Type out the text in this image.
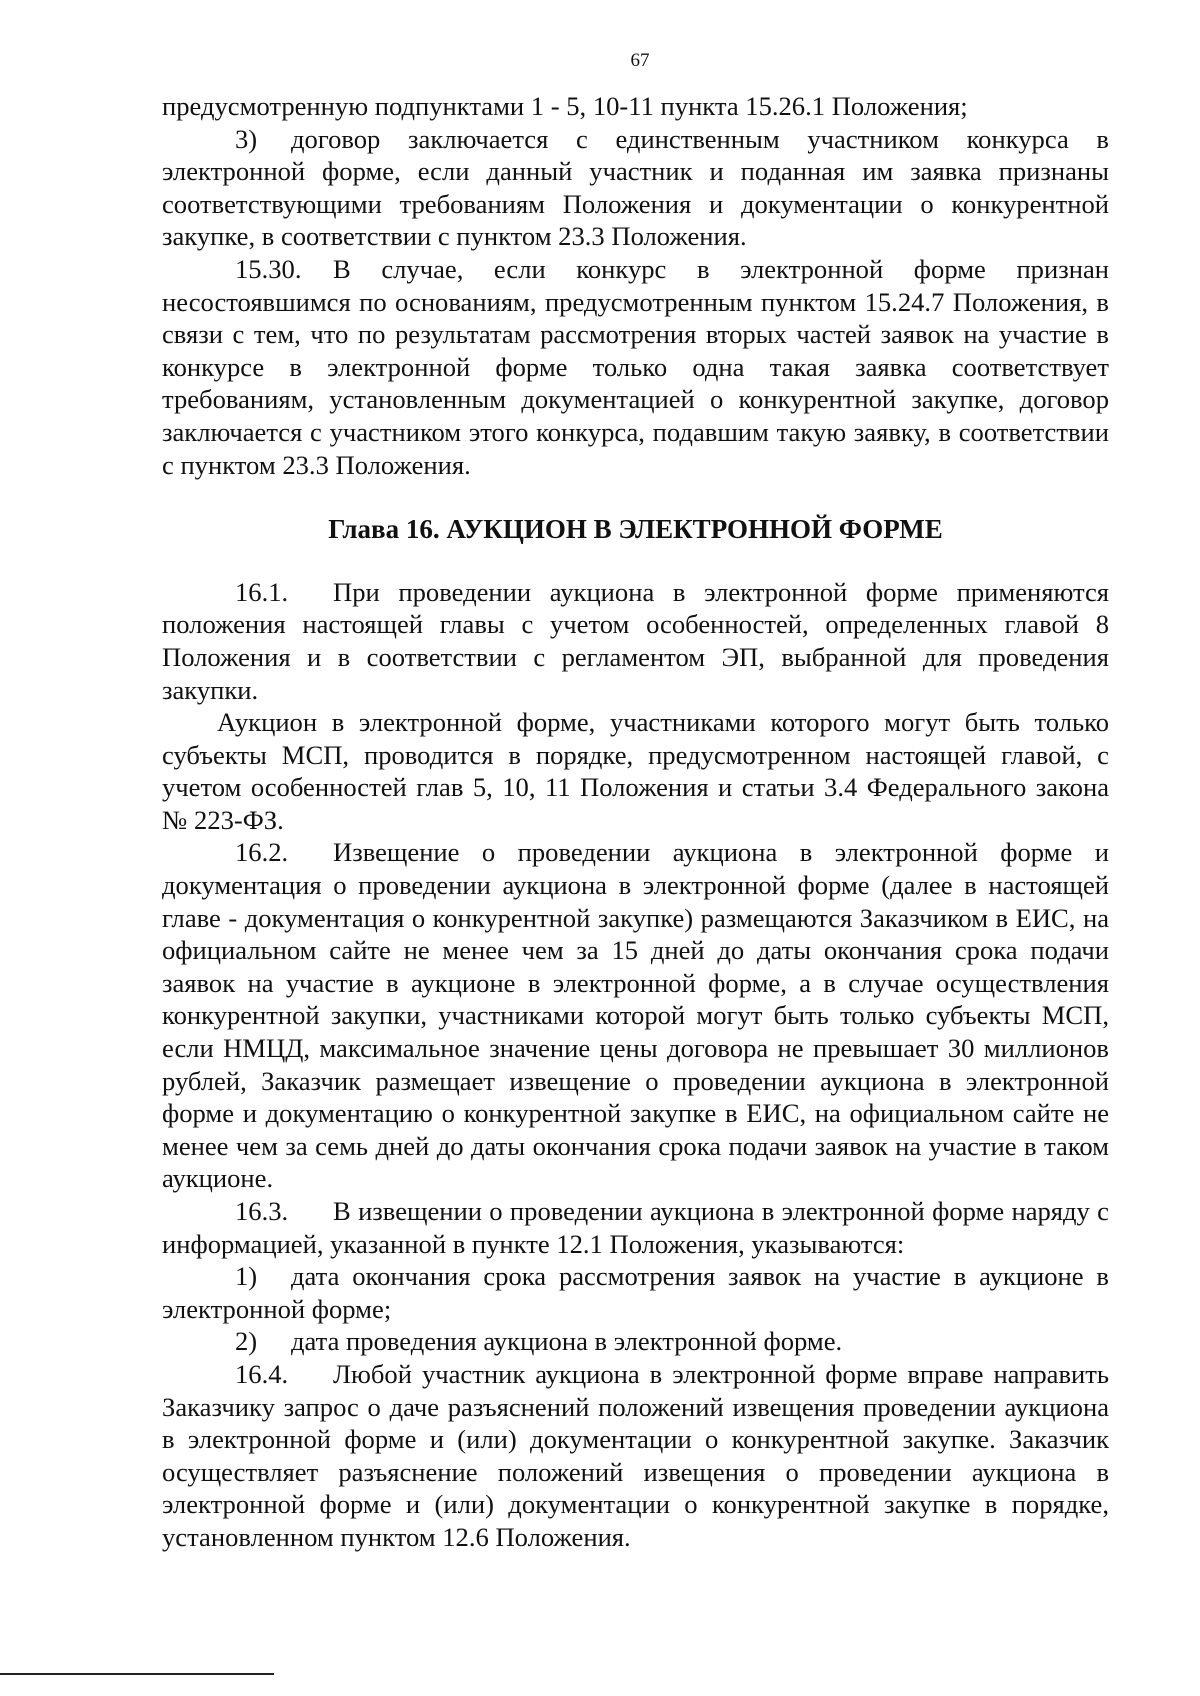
67

предусмотренную подпунктами 1 - 5, 10-11 пункта 15.26.1 Положения;

3) договор заключается с единственным участником конкурса в электронной форме, если данный участник и поданная им заявка признаны соответствующими требованиям Положения и документации о конкурентной закупке, в соответствии с пунктом 23.3 Положения.

15.30. В случае, если конкурс в электронной форме признан несостоявшимся по основаниям, предусмотренным пунктом 15.24.7 Положения, в связи с тем, что по результатам рассмотрения вторых частей заявок на участие в конкурсе в электронной форме только одна такая заявка соответствует требованиям, установленным документацией о конкурентной закупке, договор заключается с участником этого конкурса, подавшим такую заявку, в соответствии с пунктом 23.3 Положения.

Глава 16. АУКЦИОН В ЭЛЕКТРОННОЙ ФОРМЕ

16.1. При проведении аукциона в электронной форме применяются положения настоящей главы с учетом особенностей, определенных главой 8 Положения и в соответствии с регламентом ЭП, выбранной для проведения закупки.

Аукцион в электронной форме, участниками которого могут быть только субъекты МСП, проводится в порядке, предусмотренном настоящей главой, с учетом особенностей глав 5, 10, 11 Положения и статьи 3.4 Федерального закона № 223-ФЗ.

16.2. Извещение о проведении аукциона в электронной форме и документация о проведении аукциона в электронной форме (далее в настоящей главе - документация о конкурентной закупке) размещаются Заказчиком в ЕИС, на официальном сайте не менее чем за 15 дней до даты окончания срока подачи заявок на участие в аукционе в электронной форме, а в случае осуществления конкурентной закупки, участниками которой могут быть только субъекты МСП, если НМЦД, максимальное значение цены договора не превышает 30 миллионов рублей, Заказчик размещает извещение о проведении аукциона в электронной форме и документацию о конкурентной закупке в ЕИС, на официальном сайте не менее чем за семь дней до даты окончания срока подачи заявок на участие в таком аукционе.

16.3. В извещении о проведении аукциона в электронной форме наряду с информацией, указанной в пункте 12.1 Положения, указываются:

1) дата окончания срока рассмотрения заявок на участие в аукционе в электронной форме;

2) дата проведения аукциона в электронной форме.

16.4. Любой участник аукциона в электронной форме вправе направить Заказчику запрос о даче разъяснений положений извещения проведении аукциона в электронной форме и (или) документации о конкурентной закупке. Заказчик осуществляет разъяснение положений извещения о проведении аукциона в электронной форме и (или) документации о конкурентной закупке в порядке, установленном пунктом 12.6 Положения.
